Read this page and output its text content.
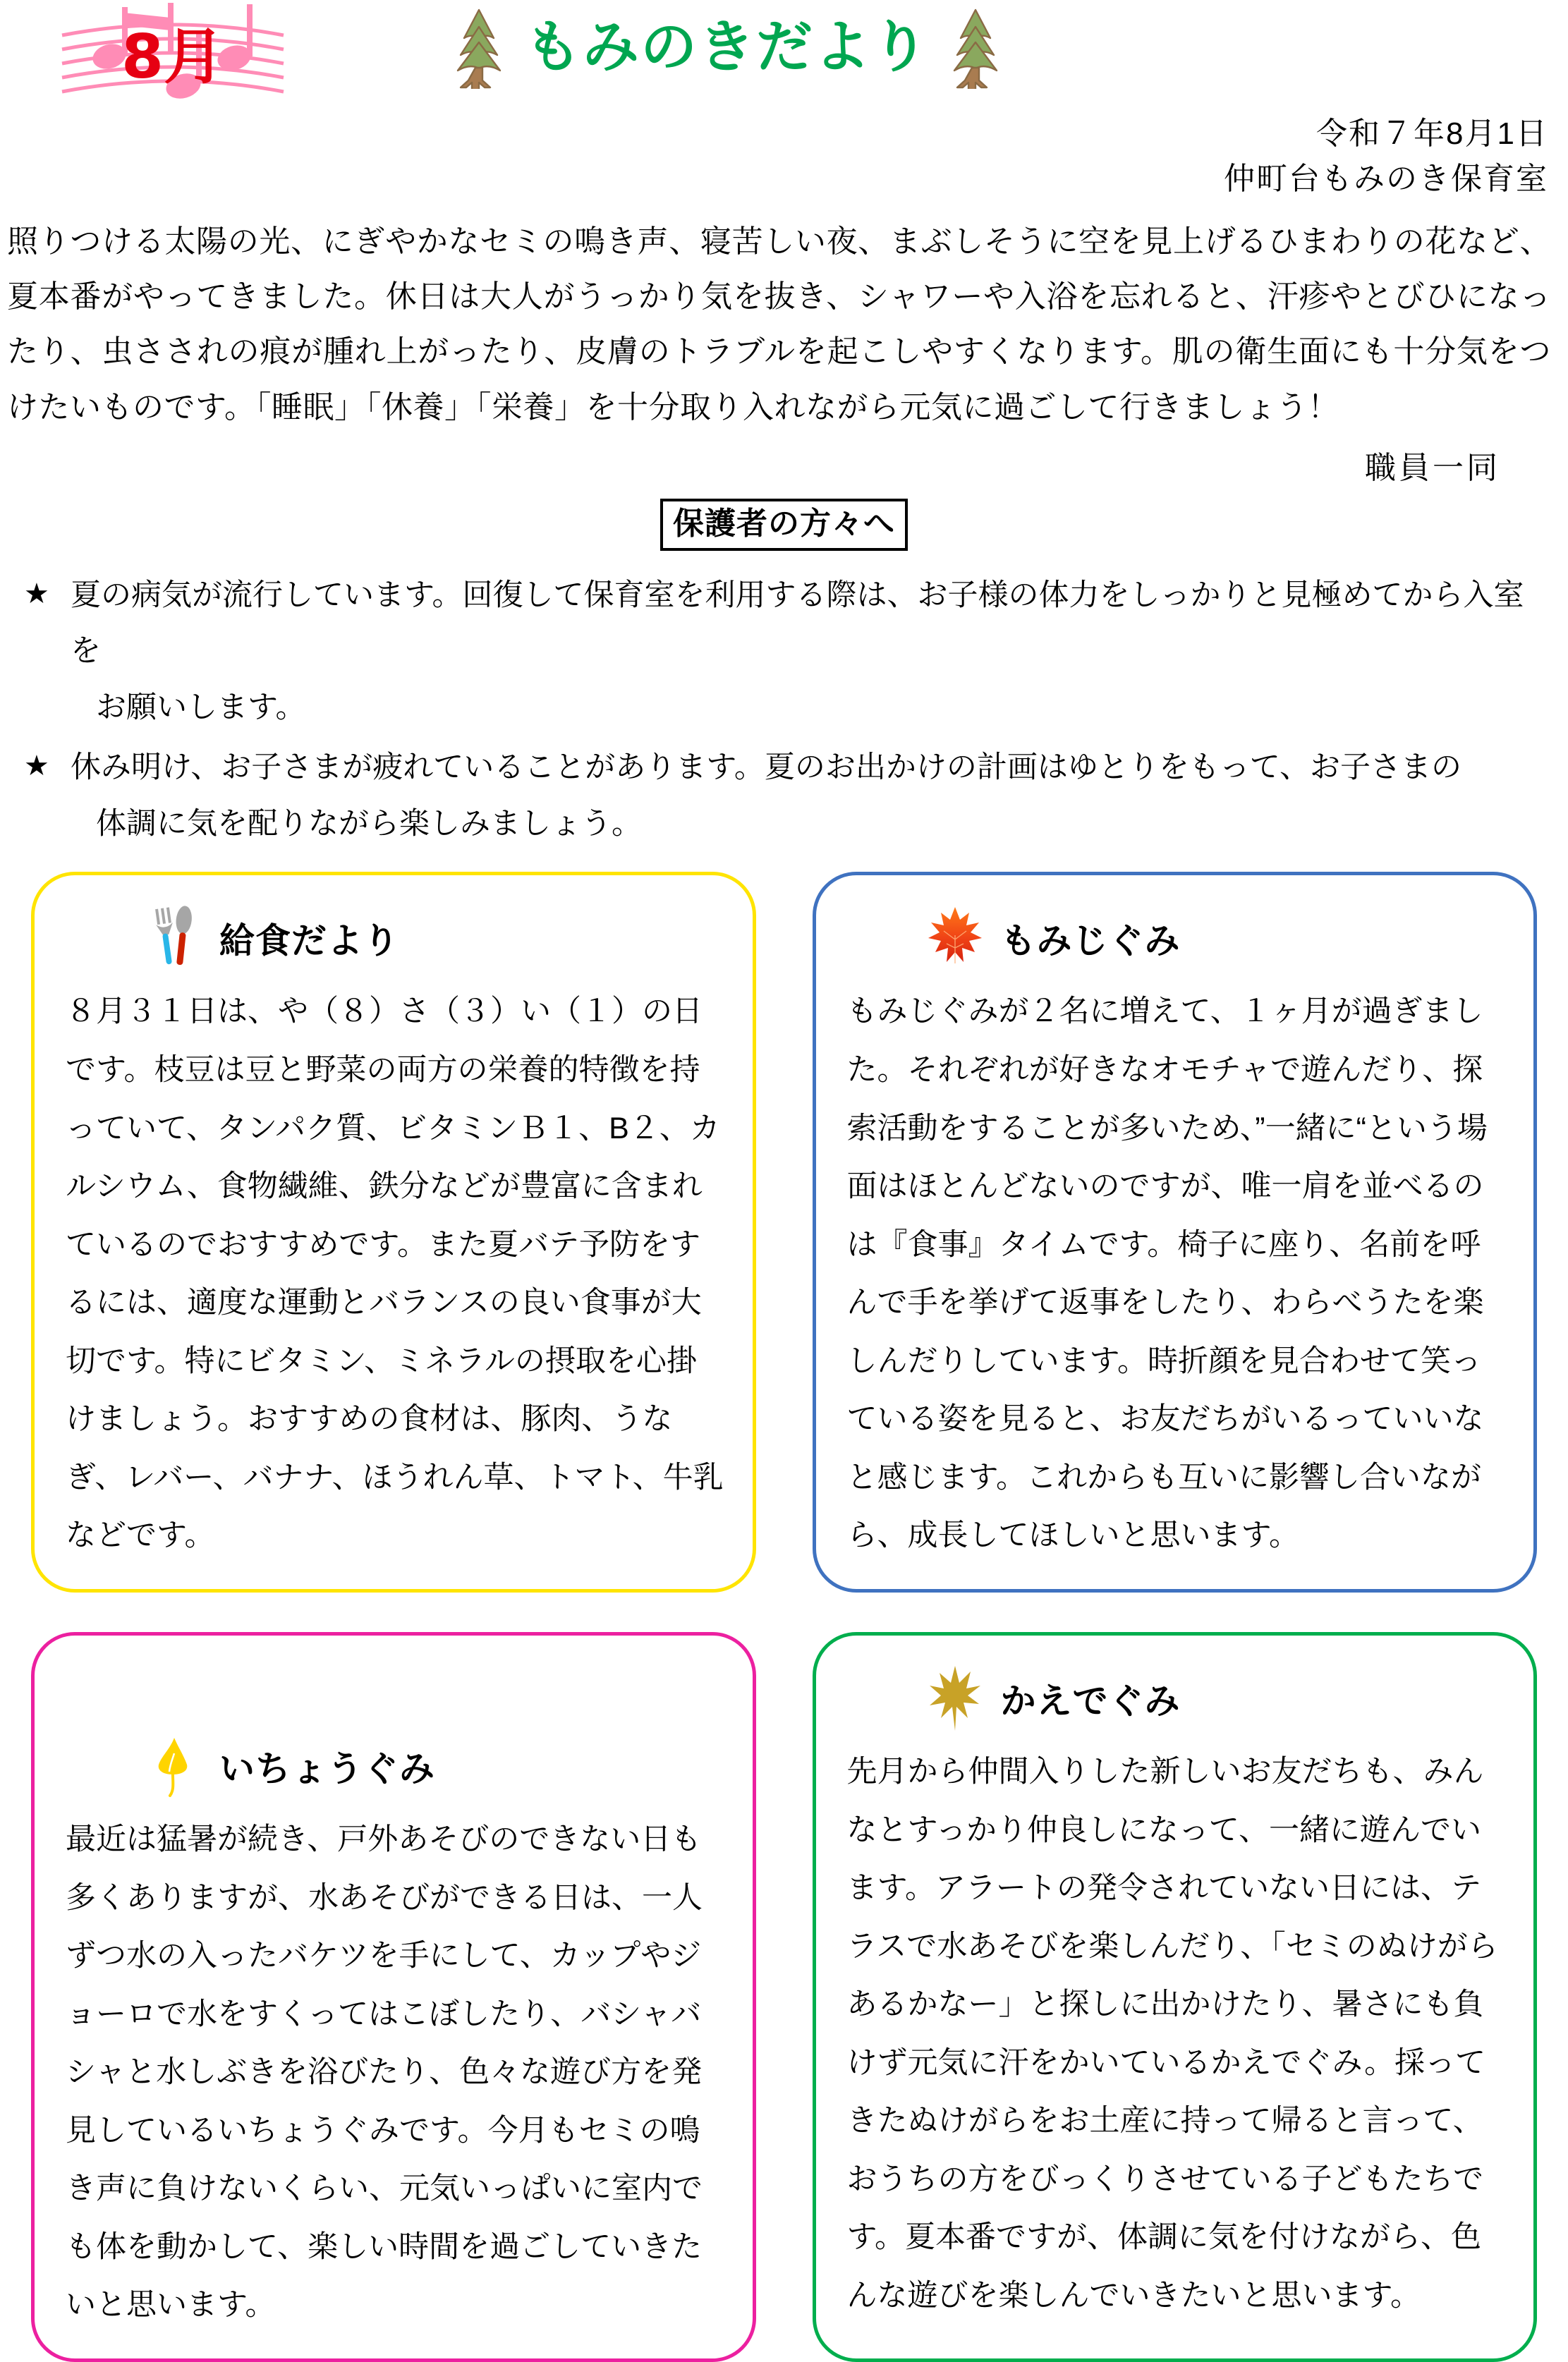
8月	もみのきだより
令和７年8月1日
仲町台もみのき保育室

照りつける太陽の光、にぎやかなセミの鳴き声、寝苦しい夜、まぶしそうに空を見上げるひまわりの花など、夏本番がやってきました。休日は大人がうっかり気を抜き、シャワーや入浴を忘れると、汗疹やとびひになったり、虫さされの痕が腫れ上がったり、皮膚のトラブルを起こしやすくなります。肌の衛生面にも十分気をつけたいものです。「睡眠」「休養」「栄養」を十分取り入れながら元気に過ごして行きましょう！

職員一同
保護者の方々へ
★ 夏の病気が流行しています。回復して保育室を利用する際は、お子様の体力をしっかりと見極めてから入室を
お願いします。
★ 休み明け、お子さまが疲れていることがあります。夏のお出かけの計画はゆとりをもって、お子さまの
体調に気を配りながら楽しみましょう。
給食だより

８月３１日は、や（８）さ（３）い（１）の日です。枝豆は豆と野菜の両方の栄養的特徴を持っていて、タンパク質、ビタミンＢ１、B２、カルシウム、食物繊維、鉄分などが豊富に含まれているのでおすすめです。また夏バテ予防をするには、適度な運動とバランスの良い食事が大切です。特にビタミン、ミネラルの摂取を心掛けましょう。おすすめの食材は、豚肉、うなぎ、レバー、バナナ、ほうれん草、トマト、牛乳などです。

もみじぐみ

もみじぐみが２名に増えて、１ヶ月が過ぎました。それぞれが好きなオモチャで遊んだり、探索活動をすることが多いため、”一緒に“という場面はほとんどないのですが、唯一肩を並べるのは『食事』タイムです。椅子に座り、名前を呼んで手を挙げて返事をしたり、わらべうたを楽しんだりしています。時折顔を見合わせて笑っている姿を見ると、お友だちがいるっていいなと感じます。これからも互いに影響し合いながら、成長してほしいと思います。

いちょうぐみ

最近は猛暑が続き、戸外あそびのできない日も多くありますが、水あそびができる日は、一人ずつ水の入ったバケツを手にして、カップやジョーロで水をすくってはこぼしたり、バシャバシャと水しぶきを浴びたり、色々な遊び方を発見しているいちょうぐみです。今月もセミの鳴き声に負けないくらい、元気いっぱいに室内でも体を動かして、楽しい時間を過ごしていきたいと思います。

かえでぐみ

先月から仲間入りした新しいお友だちも、みんなとすっかり仲良しになって、一緒に遊んでいます。アラートの発令されていない日には、テラスで水あそびを楽しんだり、「セミのぬけがらあるかなー」と探しに出かけたり、暑さにも負けず元気に汗をかいているかえでぐみ。採ってきたぬけがらをお土産に持って帰ると言って、おうちの方をびっくりさせている子どもたちです。夏本番ですが、体調に気を付けながら、色んな遊びを楽しんでいきたいと思います。
